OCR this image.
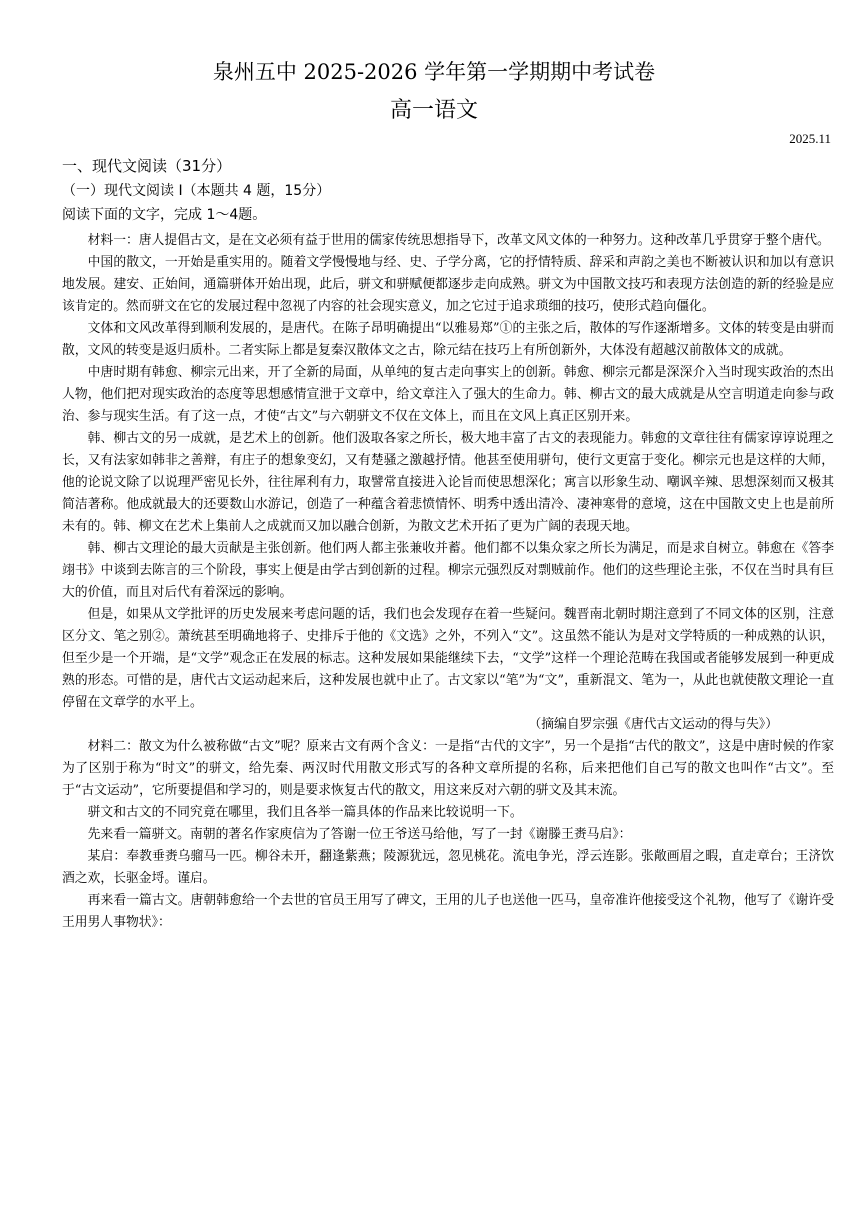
泉州五中 2025-2026 学年第一学期期中考试卷
高一语文
2025.11
一、现代文阅读（31分）
（一）现代文阅读 I（本题共 4 题，15分）
阅读下面的文字，完成 1～4题。

材料一：唐人提倡古文，是在文必须有益于世用的儒家传统思想指导下，改革文风文体的一种努力。这种改革几乎贯穿于整个唐代。

中国的散文，一开始是重实用的。随着文学慢慢地与经、史、子学分离，它的抒情特质、辞采和声韵之美也不断被认识和加以有意识地发展。建安、正始间，通篇骈体开始出现，此后，骈文和骈赋便都逐步走向成熟。骈文为中国散文技巧和表现方法创造的新的经验是应该肯定的。然而骈文在它的发展过程中忽视了内容的社会现实意义，加之它过于追求琐细的技巧，使形式趋向僵化。

文体和文风改革得到顺利发展的，是唐代。在陈子昂明确提出“以雅易郑”①的主张之后，散体的写作逐渐增多。文体的转变是由骈而散，文风的转变是返归质朴。二者实际上都是复秦汉散体文之古，除元结在技巧上有所创新外，大体没有超越汉前散体文的成就。

中唐时期有韩愈、柳宗元出来，开了全新的局面，从单纯的复古走向事实上的创新。韩愈、柳宗元都是深深介入当时现实政治的杰出人物，他们把对现实政治的态度等思想感情宣泄于文章中，给文章注入了强大的生命力。韩、柳古文的最大成就是从空言明道走向参与政治、参与现实生活。有了这一点，才使“古文”与六朝骈文不仅在文体上，而且在文风上真正区别开来。

韩、柳古文的另一成就，是艺术上的创新。他们汲取各家之所长，极大地丰富了古文的表现能力。韩愈的文章往往有儒家谆谆说理之长，又有法家如韩非之善辩，有庄子的想象变幻，又有楚骚之激越抒情。他甚至使用骈句，使行文更富于变化。柳宗元也是这样的大师，他的论说文除了以说理严密见长外，往往犀利有力，取譬常直接进入论旨而使思想深化；寓言以形象生动、嘲讽辛辣、思想深刻而又极其简洁著称。他成就最大的还要数山水游记，创造了一种蕴含着悲愤情怀、明秀中透出清冷、凄神寒骨的意境，这在中国散文史上也是前所未有的。韩、柳文在艺术上集前人之成就而又加以融合创新，为散文艺术开拓了更为广阔的表现天地。

韩、柳古文理论的最大贡献是主张创新。他们两人都主张兼收并蓄。他们都不以集众家之所长为满足，而是求自树立。韩愈在《答李翊书》中谈到去陈言的三个阶段，事实上便是由学古到创新的过程。柳宗元强烈反对剽贼前作。他们的这些理论主张，不仅在当时具有巨大的价值，而且对后代有着深远的影响。

但是，如果从文学批评的历史发展来考虑问题的话，我们也会发现存在着一些疑问。魏晋南北朝时期注意到了不同文体的区别，注意区分文、笔之别②。萧统甚至明确地将子、史排斥于他的《文选》之外，不列入“文”。这虽然不能认为是对文学特质的一种成熟的认识，但至少是一个开端，是“文学”观念正在发展的标志。这种发展如果能继续下去，“文学”这样一个理论范畴在我国或者能够发展到一种更成熟的形态。可惜的是，唐代古文运动起来后，这种发展也就中止了。古文家以“笔”为“文”，重新混文、笔为一，从此也就使散文理论一直停留在文章学的水平上。

（摘编自罗宗强《唐代古文运动的得与失》）

材料二：散文为什么被称做“古文”呢？原来古文有两个含义：一是指“古代的文字”，另一个是指“古代的散文”，这是中唐时候的作家为了区别于称为“时文”的骈文，给先秦、两汉时代用散文形式写的各种文章所提的名称，后来把他们自己写的散文也叫作“古文”。至于“古文运动”，它所要提倡和学习的，则是要求恢复古代的散文，用这来反对六朝的骈文及其末流。

骈文和古文的不同究竟在哪里，我们且各举一篇具体的作品来比较说明一下。

先来看一篇骈文。南朝的著名作家庾信为了答谢一位王爷送马给他，写了一封《谢滕王赉马启》：

某启：奉教垂赉乌骝马一匹。柳谷未开，翻逢紫燕；陵源犹远，忽见桃花。流电争光，浮云连影。张敞画眉之暇，直走章台；王济饮酒之欢，长驱金埒。谨启。

再来看一篇古文。唐朝韩愈给一个去世的官员王用写了碑文，王用的儿子也送他一匹马，皇帝准许他接受这个礼物，他写了《谢许受王用男人事物状》：
